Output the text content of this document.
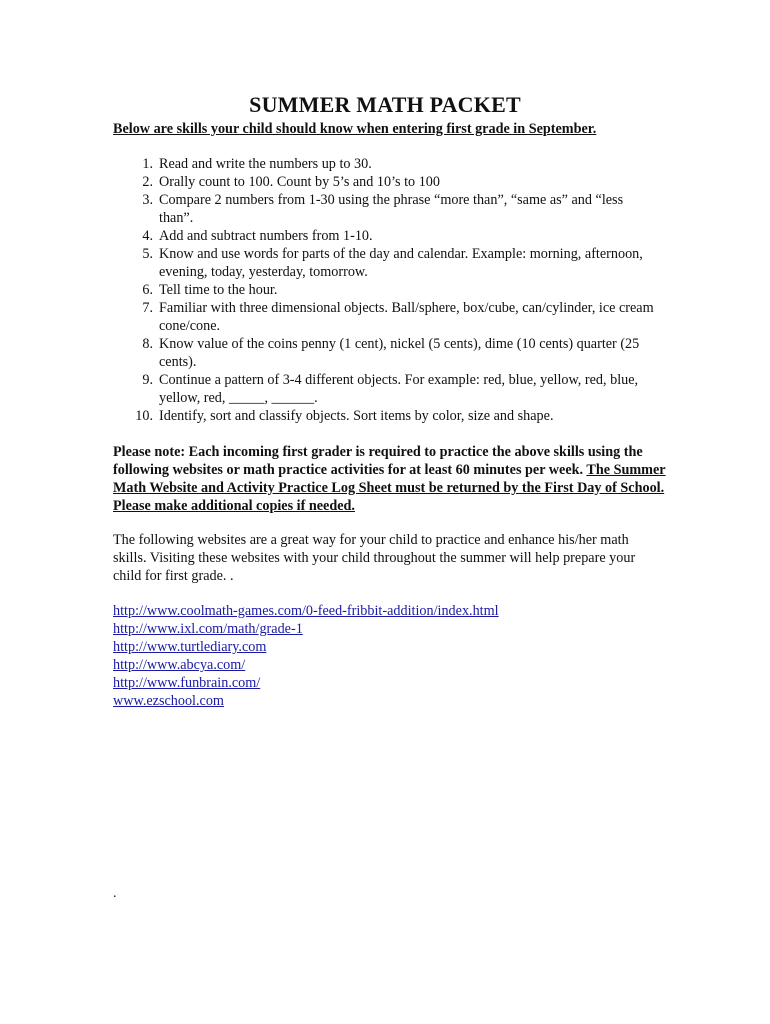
SUMMER MATH PACKET

Below are skills your child should know when entering first grade in September.

1. Read and write the numbers up to 30.
2. Orally count to 100. Count by 5’s and 10’s to 100
3. Compare 2 numbers from 1-30 using the phrase “more than”, “same as” and “less than”.
4. Add and subtract numbers from 1-10.
5. Know and use words for parts of the day and calendar. Example: morning, afternoon, evening, today, yesterday, tomorrow.
6. Tell time to the hour.
7. Familiar with three dimensional objects. Ball/sphere, box/cube, can/cylinder, ice cream cone/cone.
8. Know value of the coins penny (1 cent), nickel (5 cents), dime (10 cents) quarter (25 cents).
9. Continue a pattern of 3-4 different objects. For example: red, blue, yellow, red, blue, yellow, red, _____, ______.
10. Identify, sort and classify objects. Sort items by color, size and shape.

Please note: Each incoming first grader is required to practice the above skills using the following websites or math practice activities for at least 60 minutes per week. The Summer Math Website and Activity Practice Log Sheet must be returned by the First Day of School. Please make additional copies if needed.

The following websites are a great way for your child to practice and enhance his/her math skills. Visiting these websites with your child throughout the summer will help prepare your child for first grade. .

http://www.coolmath-games.com/0-feed-fribbit-addition/index.html
http://www.ixl.com/math/grade-1
http://www.turtlediary.com
http://www.abcya.com/
http://www.funbrain.com/
www.ezschool.com

.
